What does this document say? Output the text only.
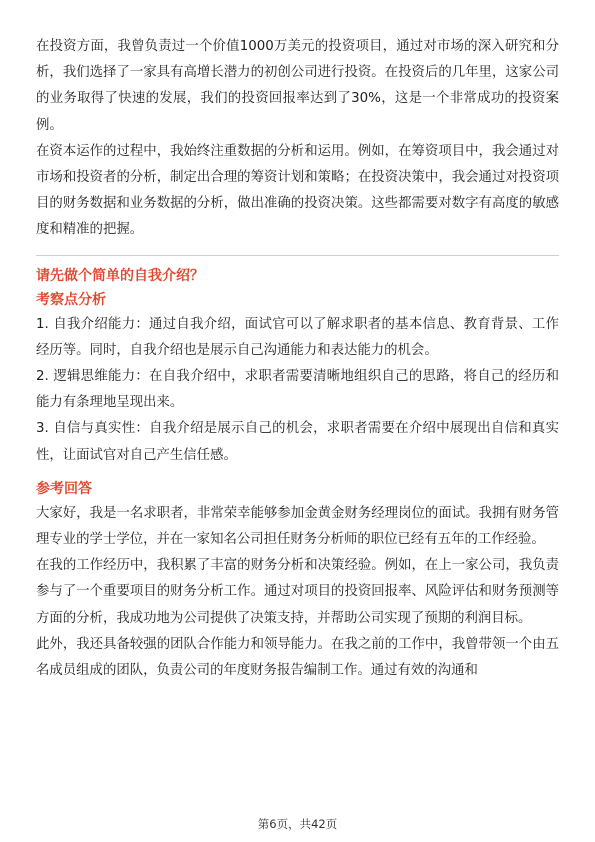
在投资方面，我曾负责过一个价值1000万美元的投资项目，通过对市场的深入研究和分析，我们选择了一家具有高增长潜力的初创公司进行投资。在投资后的几年里，这家公司的业务取得了快速的发展，我们的投资回报率达到了30%，这是一个非常成功的投资案例。

在资本运作的过程中，我始终注重数据的分析和运用。例如，在筹资项目中，我会通过对市场和投资者的分析，制定出合理的筹资计划和策略；在投资决策中，我会通过对投资项目的财务数据和业务数据的分析，做出准确的投资决策。这些都需要对数字有高度的敏感度和精准的把握。

请先做个简单的自我介绍？

考察点分析

1. 自我介绍能力：通过自我介绍，面试官可以了解求职者的基本信息、教育背景、工作经历等。同时，自我介绍也是展示自己沟通能力和表达能力的机会。

2. 逻辑思维能力：在自我介绍中，求职者需要清晰地组织自己的思路，将自己的经历和能力有条理地呈现出来。

3. 自信与真实性：自我介绍是展示自己的机会，求职者需要在介绍中展现出自信和真实性，让面试官对自己产生信任感。

参考回答

大家好，我是一名求职者，非常荣幸能够参加金黄金财务经理岗位的面试。我拥有财务管理专业的学士学位，并在一家知名公司担任财务分析师的职位已经有五年的工作经验。

在我的工作经历中，我积累了丰富的财务分析和决策经验。例如，在上一家公司，我负责参与了一个重要项目的财务分析工作。通过对项目的投资回报率、风险评估和财务预测等方面的分析，我成功地为公司提供了决策支持，并帮助公司实现了预期的利润目标。

此外，我还具备较强的团队合作能力和领导能力。在我之前的工作中，我曾带领一个由五名成员组成的团队，负责公司的年度财务报告编制工作。通过有效的沟通和

第6页，共42页
